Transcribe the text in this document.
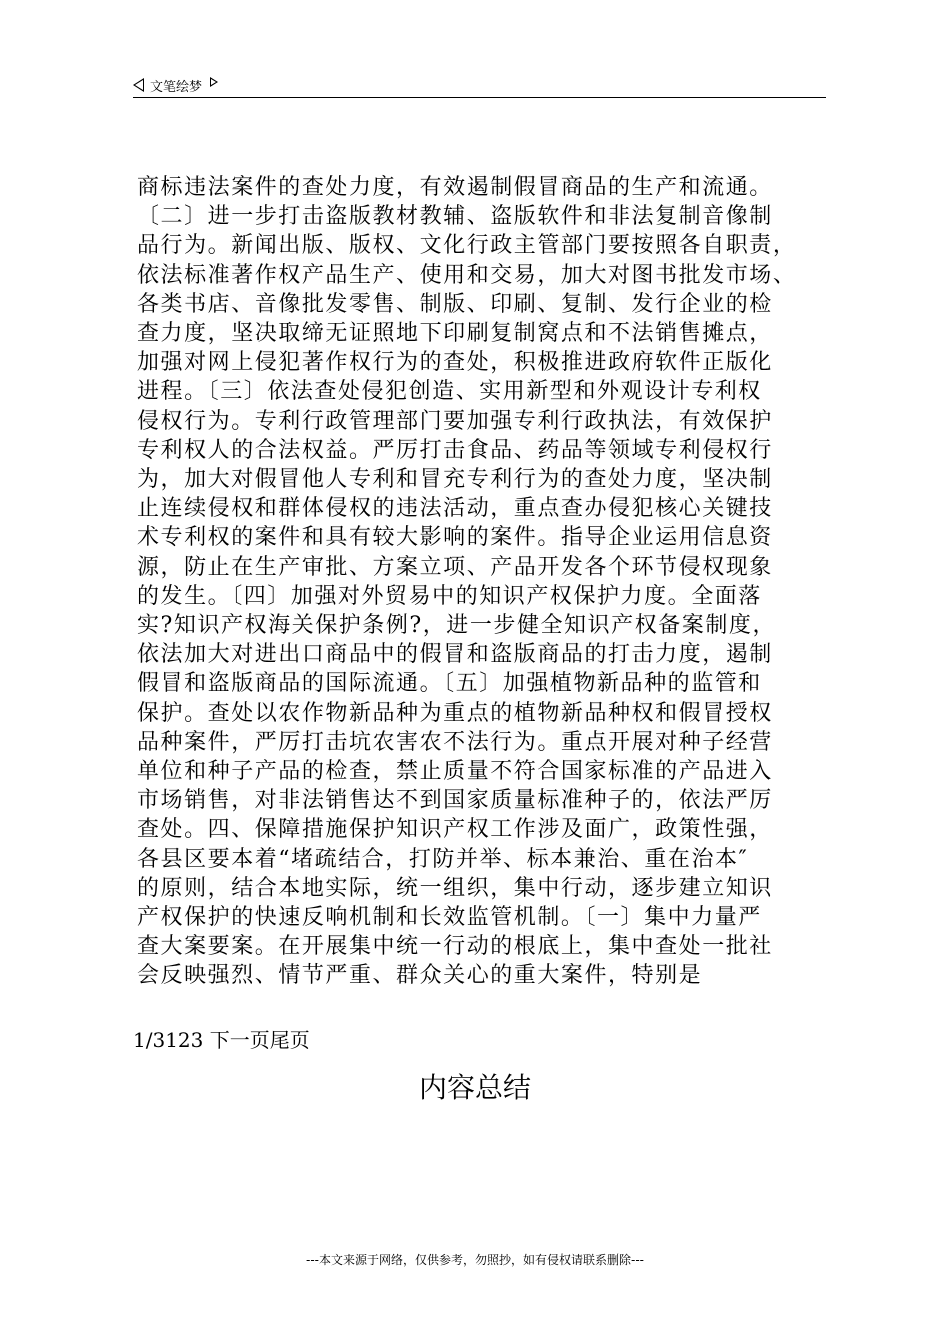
文笔绘梦
商标违法案件的查处力度，有效遏制假冒商品的生产和流通。
〔二〕进一步打击盗版教材教辅、盗版软件和非法复制音像制
品行为。新闻出版、版权、文化行政主管部门要按照各自职责，
依法标准著作权产品生产、使用和交易，加大对图书批发市场、
各类书店、音像批发零售、制版、印刷、复制、发行企业的检
查力度，坚决取缔无证照地下印刷复制窝点和不法销售摊点，
加强对网上侵犯著作权行为的查处，积极推进政府软件正版化
进程。〔三〕依法查处侵犯创造、实用新型和外观设计专利权
侵权行为。专利行政管理部门要加强专利行政执法，有效保护
专利权人的合法权益。严厉打击食品、药品等领域专利侵权行
为，加大对假冒他人专利和冒充专利行为的查处力度，坚决制
止连续侵权和群体侵权的违法活动，重点查办侵犯核心关键技
术专利权的案件和具有较大影响的案件。指导企业运用信息资
源，防止在生产审批、方案立项、产品开发各个环节侵权现象
的发生。〔四〕加强对外贸易中的知识产权保护力度。全面落
实?知识产权海关保护条例?，进一步健全知识产权备案制度，
依法加大对进出口商品中的假冒和盗版商品的打击力度，遏制
假冒和盗版商品的国际流通。〔五〕加强植物新品种的监管和
保护。查处以农作物新品种为重点的植物新品种权和假冒授权
品种案件，严厉打击坑农害农不法行为。重点开展对种子经营
单位和种子产品的检查，禁止质量不符合国家标准的产品进入
市场销售，对非法销售达不到国家质量标准种子的，依法严厉
查处。四、保障措施保护知识产权工作涉及面广，政策性强，
各县区要本着“堵疏结合，打防并举、标本兼治、重在治本″
的原则，结合本地实际，统一组织，集中行动，逐步建立知识
产权保护的快速反响机制和长效监管机制。〔一〕集中力量严
查大案要案。在开展集中统一行动的根底上，集中查处一批社
会反映强烈、情节严重、群众关心的重大案件，特别是
1/3123 下一页尾页
内容总结
---本文来源于网络，仅供参考，勿照抄，如有侵权请联系删除---
